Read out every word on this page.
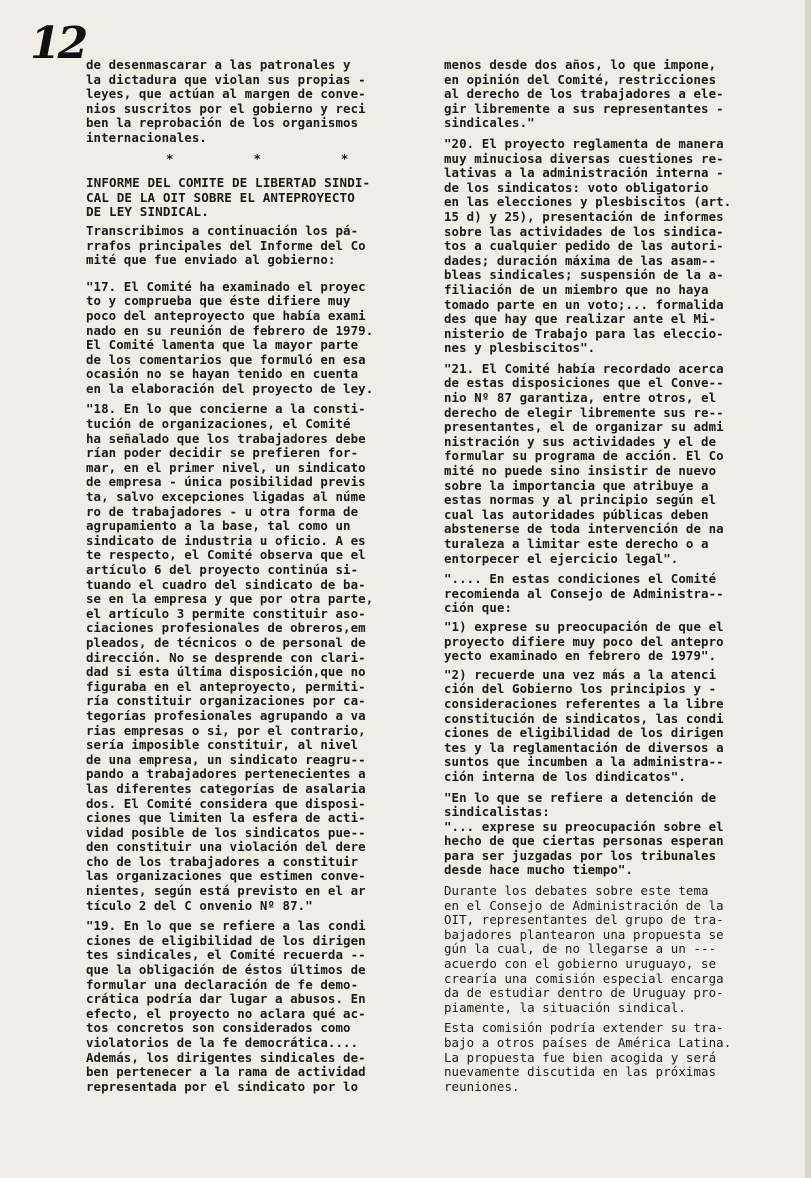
12 de desenmascarar a las patronales y
la dictadura que violan sus propias -
leyes, que actúan al margen de conve-
nios suscritos por el gobierno y reci
ben la reprobación de los organismos
internacionales.

***
INFORME DEL COMITE DE LIBERTAD SINDI-
CAL DE LA OIT SOBRE EL ANTEPROYECTO
DE LEY SINDICAL.

Transcribimos a continuación los pá-
rrafos principales del Informe del Co
mité que fue enviado al gobierno:

"17. El Comité ha examinado el proyec
to y comprueba que éste difiere muy
poco del anteproyecto que había exami
nado en su reunión de febrero de 1979.
El Comité lamenta que la mayor parte
de los comentarios que formuló en esa
ocasión no se hayan tenido en cuenta
en la elaboración del proyecto de ley.

"18. En lo que concierne a la consti-
tución de organizaciones, el Comité
ha señalado que los trabajadores debe
rían poder decidir se prefieren for-
mar, en el primer nivel, un sindicato
de empresa - única posibilidad previs
ta, salvo excepciones ligadas al núme
ro de trabajadores - u otra forma de
agrupamiento a la base, tal como un
sindicato de industria u oficio. A es
te respecto, el Comité observa que el
artículo 6 del proyecto continúa si-
tuando el cuadro del sindicato de ba-
se en la empresa y que por otra parte,
el artículo 3 permite constituir aso-
ciaciones profesionales de obreros,em
pleados, de técnicos o de personal de
dirección. No se desprende con clari-
dad si esta última disposición,que no
figuraba en el anteproyecto, permiti-
ría constituir organizaciones por ca-
tegorías profesionales agrupando a va
rias empresas o si, por el contrario,
sería imposible constituir, al nivel
de una empresa, un sindicato reagru--
pando a trabajadores pertenecientes a
las diferentes categorías de asalaria
dos. El Comité considera que disposi-
ciones que limiten la esfera de acti-
vidad posible de los sindicatos pue--
den constituir una violación del dere
cho de los trabajadores a constituir
las organizaciones que estimen conve-
nientes, según está previsto en el ar
tículo 2 del C onvenio Nº 87."

"19. En lo que se refiere a las condi
ciones de eligibilidad de los dirigen
tes sindicales, el Comité recuerda --
que la obligación de éstos últimos de
formular una declaración de fe demo-
crática podría dar lugar a abusos. En
efecto, el proyecto no aclara qué ac-
tos concretos son considerados como
violatorios de la fe democrática....
Además, los dirigentes sindicales de-
ben pertenecer a la rama de actividad
representada por el sindicato por lo

menos desde dos años, lo que impone,
en opinión del Comité, restricciones
al derecho de los trabajadores a ele-
gir libremente a sus representantes -
sindicales."

"20. El proyecto reglamenta de manera
muy minuciosa diversas cuestiones re-
lativas a la administración interna -
de los sindicatos: voto obligatorio
en las elecciones y plesbiscitos (art.
15 d) y 25), presentación de informes
sobre las actividades de los sindica-
tos a cualquier pedido de las autori-
dades; duración máxima de las asam--
bleas sindicales; suspensión de la a-
filiación de un miembro que no haya
tomado parte en un voto;... formalida
des que hay que realizar ante el Mi-
nisterio de Trabajo para las eleccio-
nes y plesbiscitos".

"21. El Comité había recordado acerca
de estas disposiciones que el Conve--
nio Nº 87 garantiza, entre otros, el
derecho de elegir libremente sus re--
presentantes, el de organizar su admi
nistración y sus actividades y el de
formular su programa de acción. El Co
mité no puede sino insistir de nuevo
sobre la importancia que atribuye a
estas normas y al principio según el
cual las autoridades públicas deben
abstenerse de toda intervención de na
turaleza a limitar este derecho o a
entorpecer el ejercicio legal".

".... En estas condiciones el Comité
recomienda al Consejo de Administra--
ción que:

"1) exprese su preocupación de que el
proyecto difiere muy poco del antepro
yecto examinado en febrero de 1979".

"2) recuerde una vez más a la atenci
ción del Gobierno los principios y -
consideraciones referentes a la libre
constitución de sindicatos, las condi
ciones de eligibilidad de los dirigen
tes y la reglamentación de diversos a
suntos que incumben a la administra--
ción interna de los dindicatos".

"En lo que se refiere a detención de
sindicalistas:
"... exprese su preocupación sobre el
hecho de que ciertas personas esperan
para ser juzgadas por los tribunales
desde hace mucho tiempo".

Durante los debates sobre este tema
en el Consejo de Administración de la
OIT, representantes del grupo de tra-
bajadores plantearon una propuesta se
gún la cual, de no llegarse a un ---
acuerdo con el gobierno uruguayo, se
crearía una comisión especial encarga
da de estudiar dentro de Uruguay pro-
piamente, la situación sindical.

Esta comisión podría extender su tra-
bajo a otros países de América Latina.
La propuesta fue bien acogida y será
nuevamente discutida en las próximas
reuniones.
